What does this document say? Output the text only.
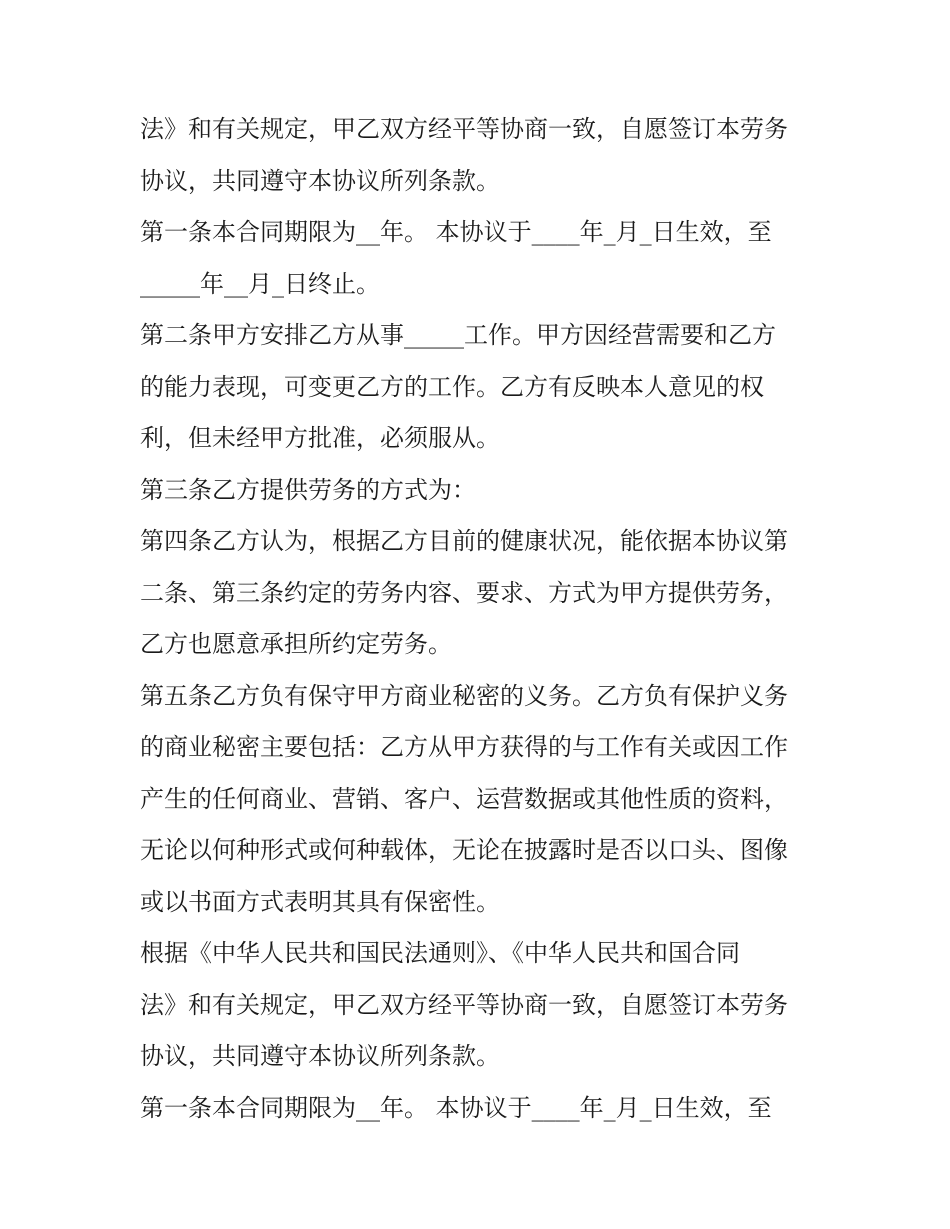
法》和有关规定，甲乙双方经平等协商一致，自愿签订本劳务
协议，共同遵守本协议所列条款。
第一条本合同期限为__年。 本协议于____年_月_日生效，至
_____年__月_日终止。
第二条甲方安排乙方从事_____工作。甲方因经营需要和乙方
的能力表现，可变更乙方的工作。乙方有反映本人意见的权
利，但未经甲方批准，必须服从。
第三条乙方提供劳务的方式为：
第四条乙方认为，根据乙方目前的健康状况，能依据本协议第
二条、第三条约定的劳务内容、要求、方式为甲方提供劳务，
乙方也愿意承担所约定劳务。
第五条乙方负有保守甲方商业秘密的义务。乙方负有保护义务
的商业秘密主要包括：乙方从甲方获得的与工作有关或因工作
产生的任何商业、营销、客户、运营数据或其他性质的资料，
无论以何种形式或何种载体，无论在披露时是否以口头、图像
或以书面方式表明其具有保密性。
根据《中华人民共和国民法通则》、《中华人民共和国合同
法》和有关规定，甲乙双方经平等协商一致，自愿签订本劳务
协议，共同遵守本协议所列条款。
第一条本合同期限为__年。 本协议于____年_月_日生效，至
